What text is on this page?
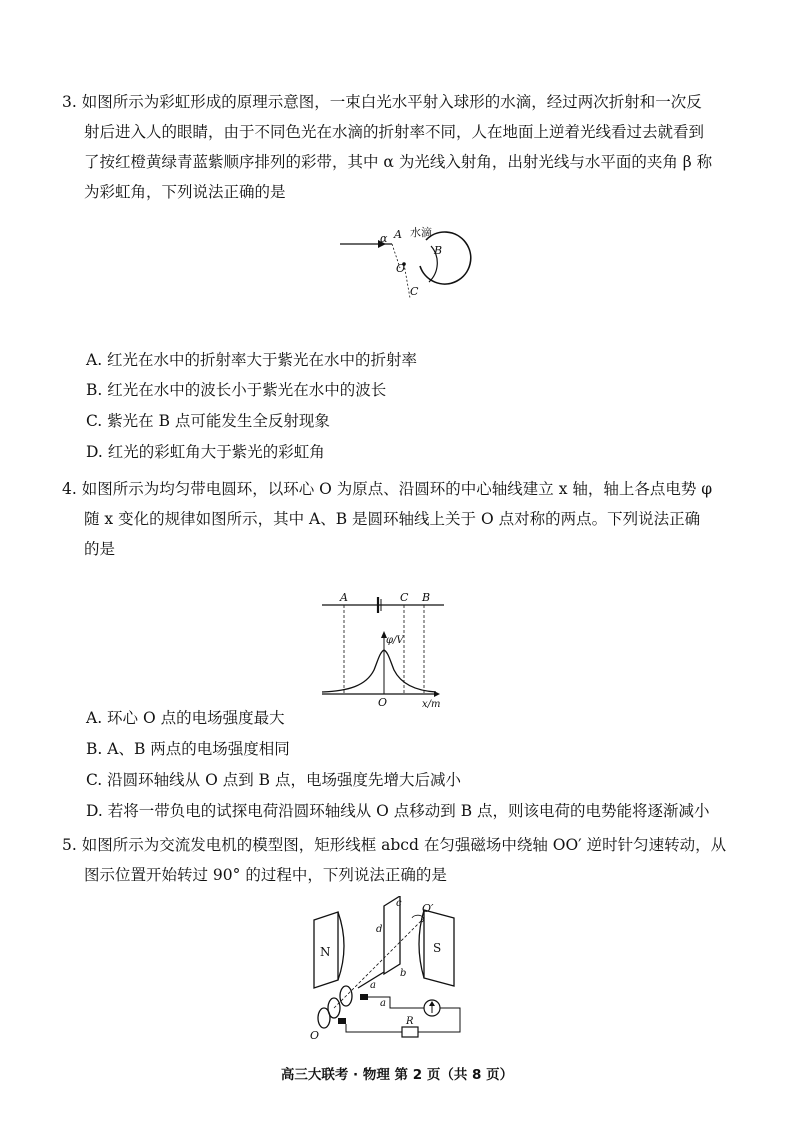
3. 如图所示为彩虹形成的原理示意图，一束白光水平射入球形的水滴，经过两次折射和一次反

射后进入人的眼睛，由于不同色光在水滴的折射率不同，人在地面上逆着光线看过去就看到

了按红橙黄绿青蓝紫顺序排列的彩带，其中 α 为光线入射角，出射光线与水平面的夹角 β 称

为彩虹角，下列说法正确的是

α A 水滴
B
O
C
A. 红光在水中的折射率大于紫光在水中的折射率
B. 红光在水中的波长小于紫光在水中的波长
C. 紫光在 B 点可能发生全反射现象
D. 红光的彩虹角大于紫光的彩虹角

4. 如图所示为均匀带电圆环，以环心 O 为原点、沿圆环的中心轴线建立 x 轴，轴上各点电势 φ

随 x 变化的规律如图所示，其中 A、B 是圆环轴线上关于 O 点对称的两点。下列说法正确

的是

A	C B
φ/V
O	x/m
A. 环心 O 点的电场强度最大
B. A、B 两点的电场强度相同
C. 沿圆环轴线从 O 点到 B 点，电场强度先增大后减小
D. 若将一带负电的试探电荷沿圆环轴线从 O 点移动到 B 点，则该电荷的电势能将逐渐减小

5. 如图所示为交流发电机的模型图，矩形线框 abcd 在匀强磁场中绕轴 OO′ 逆时针匀速转动，从

图示位置开始转过 90° 的过程中，下列说法正确的是

N	S
O′
c
d
b
a
a
R
O
高三大联考 · 物理 第 2 页（共 8 页）
